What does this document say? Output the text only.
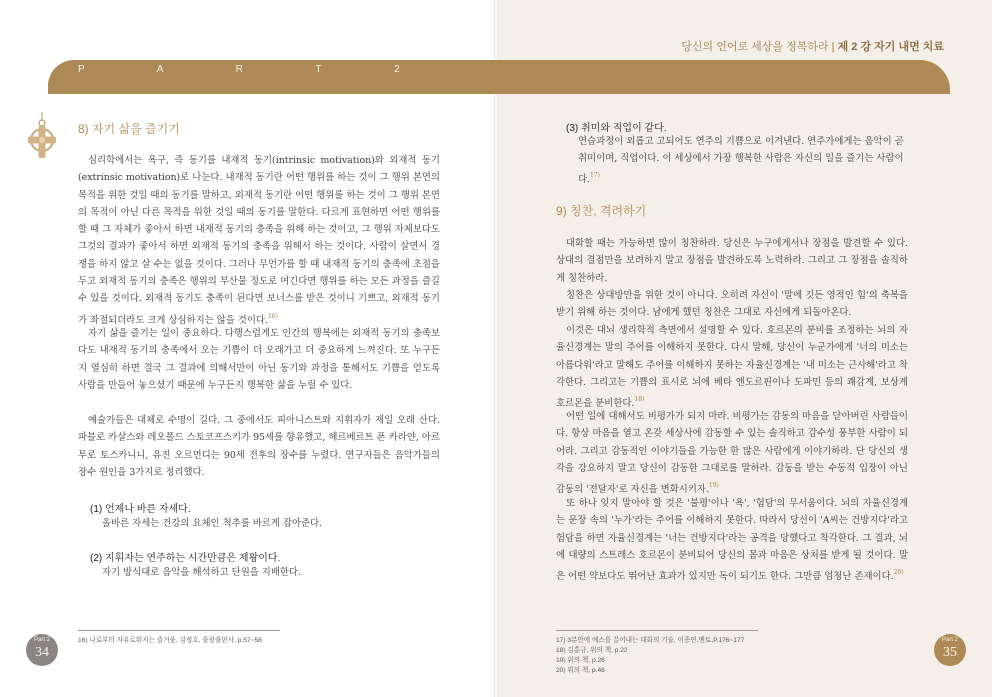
당신의 언어로 세상을 정복하라 | 제 2 강 자기 내면 치료
P A R T 2
8) 자기 삶을 즐기기
심리학에서는 욕구, 즉 동기를 내재적 동기(intrinsic motivation)와 외재적 동기(extrinsic motivation)로 나눈다. 내재적 동기란 어떤 행위를 하는 것이 그 행위 본연의 목적을 위한 것일 때의 동기를 말하고, 외재적 동기란 어떤 행위를 하는 것이 그 행위 본연의 목적이 아닌 다른 목적을 위한 것일 때의 동기를 말한다. 다르게 표현하면 어떤 행위를 할 때 그 자체가 좋아서 하면 내재적 동기의 충족을 위해 하는 것이고, 그 행위 자체보다도 그것의 결과가 좋아서 하면 외재적 동기의 충족을 위해서 하는 것이다. 사람이 살면서 경쟁을 하지 않고 살 수는 없을 것이다. 그러나 무언가를 할 때 내재적 동기의 충족에 초점을 두고 외재적 동기의 충족은 행위의 부산물 정도로 여긴다면 행위를 하는 모든 과정을 즐길 수 있을 것이다. 외재적 동기도 충족이 된다면 보너스를 받은 것이니 기쁘고, 외재적 동기가 좌절되더라도 크게 상심하지는 않을 것이다.$^{16)}$
자기 삶을 즐기는 일이 중요하다. 다행스럽게도 인간의 행복에는 외재적 동기의 충족보다도 내재적 동기의 충족에서 오는 기쁨이 더 오래가고 더 중요하게 느껴진다. 또 누구든지 열심히 하면 결국 그 결과에 의해서만이 아닌 동기와 과정을 통해서도 기쁨을 얻도록 사람을 만들어 놓으셨기 때문에 누구든지 행복한 삶을 누릴 수 있다.
예술가들은 대체로 수명이 길다. 그 중에서도 피아니스트와 지휘자가 제일 오래 산다. 파블로 카살스와 레오폴드 스토코프스키가 95세를 향유했고, 헤르베르트 폰 카라얀, 아르투로 토스카니니, 유진 오르먼디는 90세 전후의 장수를 누렸다. 연구자들은 음악가들의 장수 원인을 3가지로 정리했다.
(1) 언제나 바른 자세다.
올바른 자세는 건강의 요체인 척추를 바르게 잡아준다.
(2) 지휘자는 연주하는 시간만큼은 제왕이다.
자기 방식대로 음악을 해석하고 단원을 지배한다.
16) 나로부터 자유로워지는 즐거움, 김정호, 불광출판사, p.57~58
Part 2
34
(3) 취미와 직업이 같다.
연습과정이 외롭고 고되어도 연주의 기쁨으로 이겨낸다. 연주가에게는 음악이 곧 취미이며, 직업이다. 이 세상에서 가장 행복한 사람은 자신의 일을 즐기는 사람이다.$^{17)}$
9) 칭찬, 격려하기
대화할 때는 가능하면 많이 칭찬하라. 당신은 누구에게서나 장점을 발견할 수 있다. 상대의 결점만을 보려하지 말고 장점을 발견하도록 노력하라. 그리고 그 장점을 솔직하게 칭찬하라.
칭찬은 상대방만을 위한 것이 아니다. 오히려 자신이 '말에 깃든 영적인 힘'의 축복을 받기 위해 하는 것이다. 남에게 했던 칭찬은 그대로 자신에게 되돌아온다.
이것은 대뇌 생리학적 측면에서 설명할 수 있다. 호르몬의 분비를 조정하는 뇌의 자율신경계는 말의 주어를 이해하지 못한다. 다시 말해, 당신이 누군가에게 '너의 미소는 아름다워'라고 말해도 주어를 이해하지 못하는 자율신경계는 '내 미소는 근사해'라고 착각한다. 그리고는 기쁨의 표시로 뇌에 베타 엔도르핀이나 도파민 등의 쾌감계, 보상계 호르몬을 분비한다.$^{18)}$
어떤 일에 대해서도 비평가가 되지 마라. 비평가는 감동의 마음을 닫아버린 사람들이다. 항상 마음을 열고 온갖 세상사에 감동할 수 있는 솔직하고 감수성 풍부한 사람이 되어라. 그리고 감동적인 이야기들을 가능한 한 많은 사람에게 이야기하라. 단 당신의 생각을 강요하지 말고 당신이 감동한 그대로를 말하라. 감동을 받는 수동적 입장이 아닌 감동의 '전달자'로 자신을 변화시키자.$^{19)}$
또 하나 잊지 말아야 할 것은 '불평'이나 '욕', '험담'의 무서움이다. 뇌의 자율신경계는 문장 속의 '누가'라는 주어를 이해하지 못한다. 따라서 당신이 'A씨는 건방지다'라고 험담을 하면 자율신경계는 '너는 건방지다'라는 공격을 당했다고 착각한다. 그 결과, 뇌에 대량의 스트레스 호르몬이 분비되어 당신의 몸과 마음은 상처를 받게 될 것이다. 말은 어떤 약보다도 뛰어난 효과가 있지만 독이 되기도 한다. 그만큼 엄청난 존재이다.$^{20)}$
17) 3분만에 예스를 끌어내는 대화의 기술, 이종연,멘토,P.176~177
18) 김홍규, 위의 책, p.22
19) 위의 책, p.26
20) 위의 책, p.46
Part 2
35
